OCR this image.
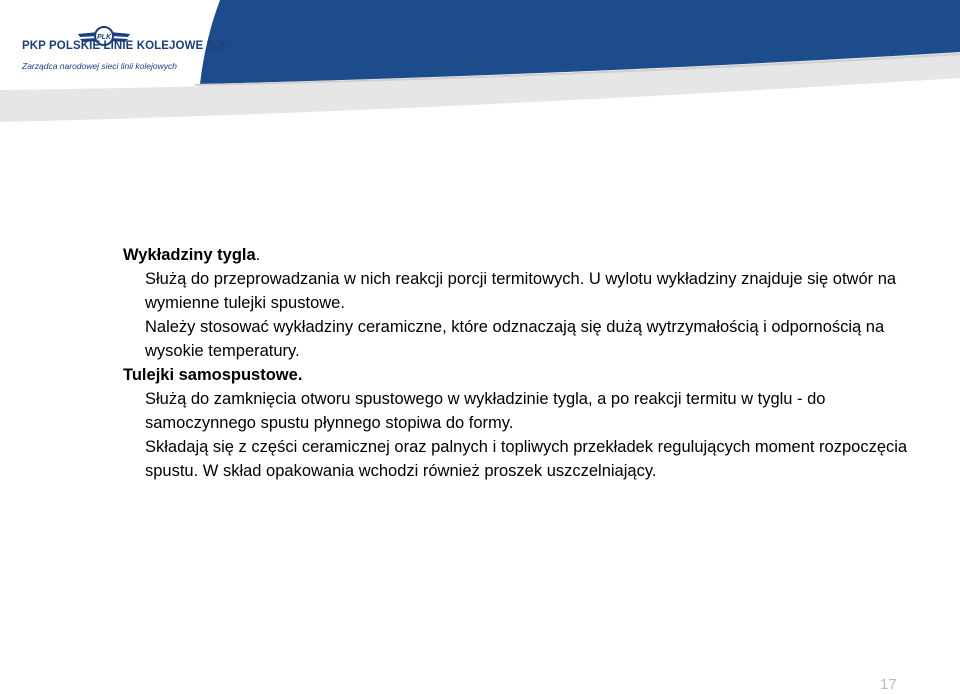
PLK
PKP POLSKIE LINIE KOLEJOWE S.A.
Zarządca narodowej sieci linii kolejowych

Wykładziny tygla.

Służą do przeprowadzania w nich reakcji porcji termitowych. U wylotu wykładziny znajduje się otwór na wymienne tulejki spustowe.

Należy stosować wykładziny ceramiczne, które odznaczają się dużą wytrzymałością i odpornością na wysokie temperatury.

Tulejki samospustowe.

Służą do zamknięcia otworu spustowego w wykładzinie tygla, a po reakcji termitu w tyglu - do samoczynnego spustu płynnego stopiwa do formy.

Składają się z części ceramicznej oraz palnych i topliwych przekładek regulujących moment rozpoczęcia spustu. W skład opakowania wchodzi również proszek uszczelniający.

17
